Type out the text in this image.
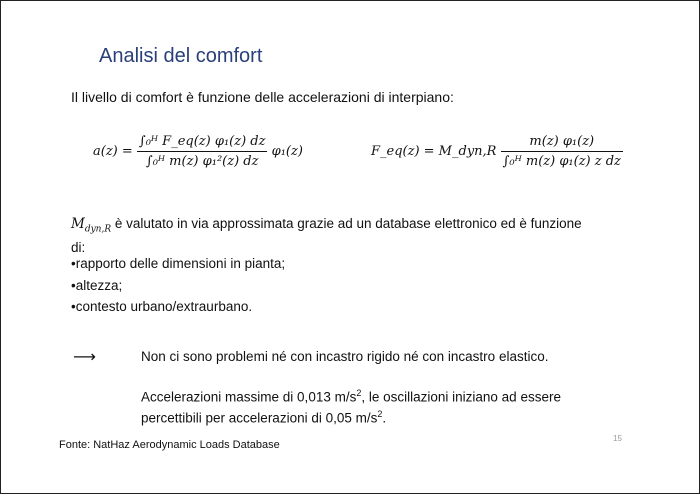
Analisi del comfort
Il livello di comfort è funzione delle accelerazioni di interpiano:
$a(z) = \frac{\text{∫₀ᴴ F\_eq(z) φ₁(z) dz}}{\text{∫₀ᴴ m(z) φ₁²(z) dz}} \varphi_1(z)$	F_eq(z) = M_dyn,R $\frac{\text{m(z) φ₁(z)}}{\text{∫₀ᴴ m(z) φ₁(z) z dz}}$
$M_{dyn,R}$ è valutato in via approssimata grazie ad un database elettronico ed è funzione di:
•rapporto delle dimensioni in pianta;
•altezza;
•contesto urbano/extraurbano.
⟶	Non ci sono problemi né con incastro rigido né con incastro elastico.
Accelerazioni massime di 0,013 $m/s^2$, le oscillazioni iniziano ad essere percettibili per accelerazioni di 0,05 $m/s^2$.
Fonte: NatHaz Aerodynamic Loads Database
15
